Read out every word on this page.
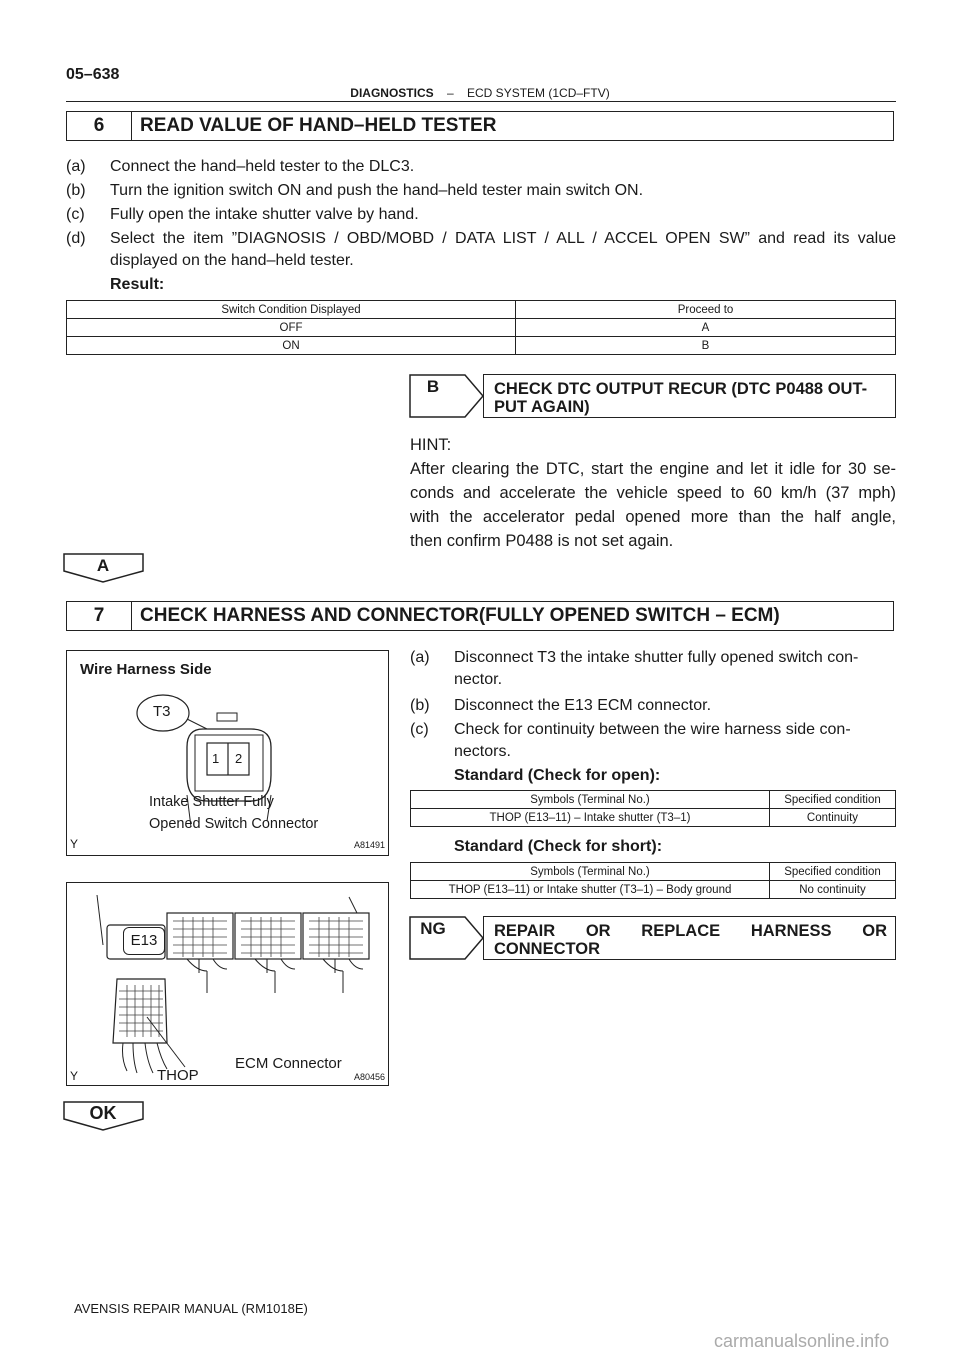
05–638
DIAGNOSTICS – ECD SYSTEM (1CD–FTV)
6	READ VALUE OF HAND–HELD TESTER
(a) Connect the hand–held tester to the DLC3.
(b) Turn the ignition switch ON and push the hand–held tester main switch ON.
(c) Fully open the intake shutter valve by hand.
(d) Select the item ”DIAGNOSIS / OBD/MOBD / DATA LIST / ALL / ACCEL OPEN SW” and read its value displayed on the hand–held tester.
Result:
Switch Condition Displayed	Proceed to
OFF	A
ON	B
B	CHECK DTC OUTPUT RECUR (DTC P0488 OUT-
PUT AGAIN)
HINT:
After clearing the DTC, start the engine and let it idle for 30 se-
conds and accelerate the vehicle speed to 60 km/h (37 mph)
with the accelerator pedal opened more than the half angle,
then confirm P0488 is not set again.
A
7	CHECK HARNESS AND CONNECTOR(FULLY OPENED SWITCH – ECM)
Wire Harness Side
T3
1 2
Intake Shutter Fully
Opened Switch Connector
Y	A81491
E13
THOP
ECM Connector
Y	A80456
(a) Disconnect T3 the intake shutter fully opened switch con-
nector.
(b) Disconnect the E13 ECM connector.
(c) Check for continuity between the wire harness side con-
nectors.
Standard (Check for open):
Symbols (Terminal No.)	Specified condition
THOP (E13–11) – Intake shutter (T3–1)	Continuity
Standard (Check for short):
Symbols (Terminal No.)	Specified condition
THOP (E13–11) or Intake shutter (T3–1) – Body ground	No continuity
NG	REPAIR OR REPLACE HARNESS OR
CONNECTOR
OK
AVENSIS REPAIR MANUAL (RM1018E)
carmanualsonline.info
